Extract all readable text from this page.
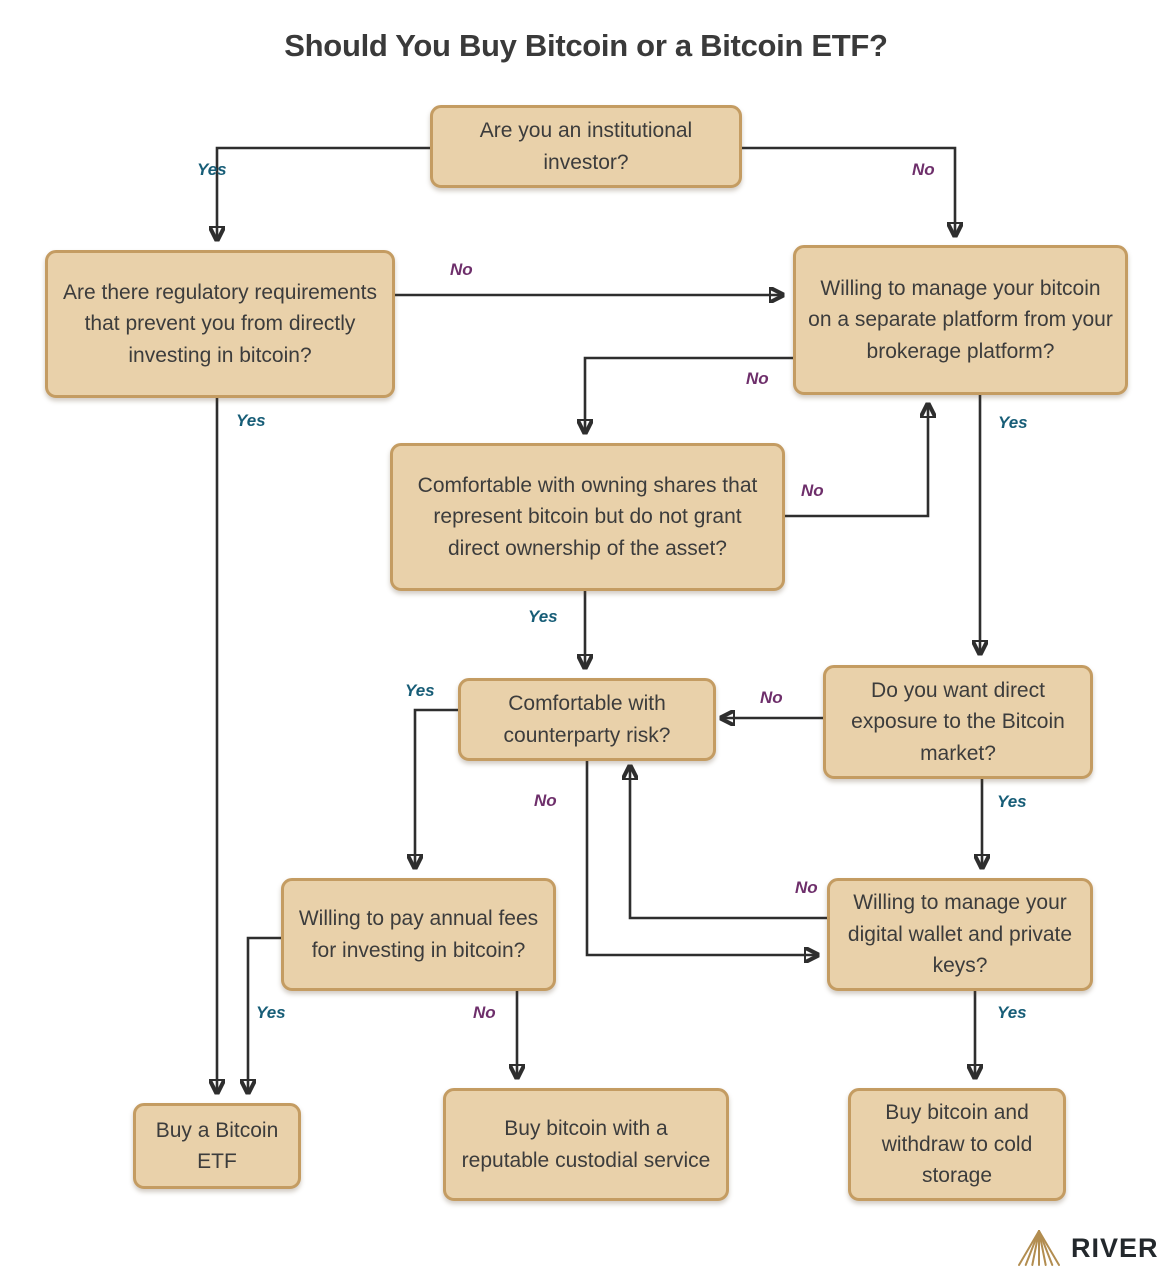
Should You Buy Bitcoin or a Bitcoin ETF?
Are you an institutional investor?
Are there regulatory requirements that prevent you from directly investing in bitcoin?
Willing to manage your bitcoin on a separate platform from your brokerage platform?
Comfortable with owning shares that represent bitcoin but do not grant direct ownership of the asset?
Comfortable with counterparty risk?
Do you want direct exposure to the Bitcoin market?
Willing to pay annual fees for investing in bitcoin?
Willing to manage your digital wallet and private keys?
Buy a Bitcoin ETF
Buy bitcoin with a reputable custodial service
Buy bitcoin and withdraw to cold storage
Yes	No
Yes
No
No
Yes
No
Yes
No
Yes
Yes
No
No
Yes
Yes	No
RIVER
